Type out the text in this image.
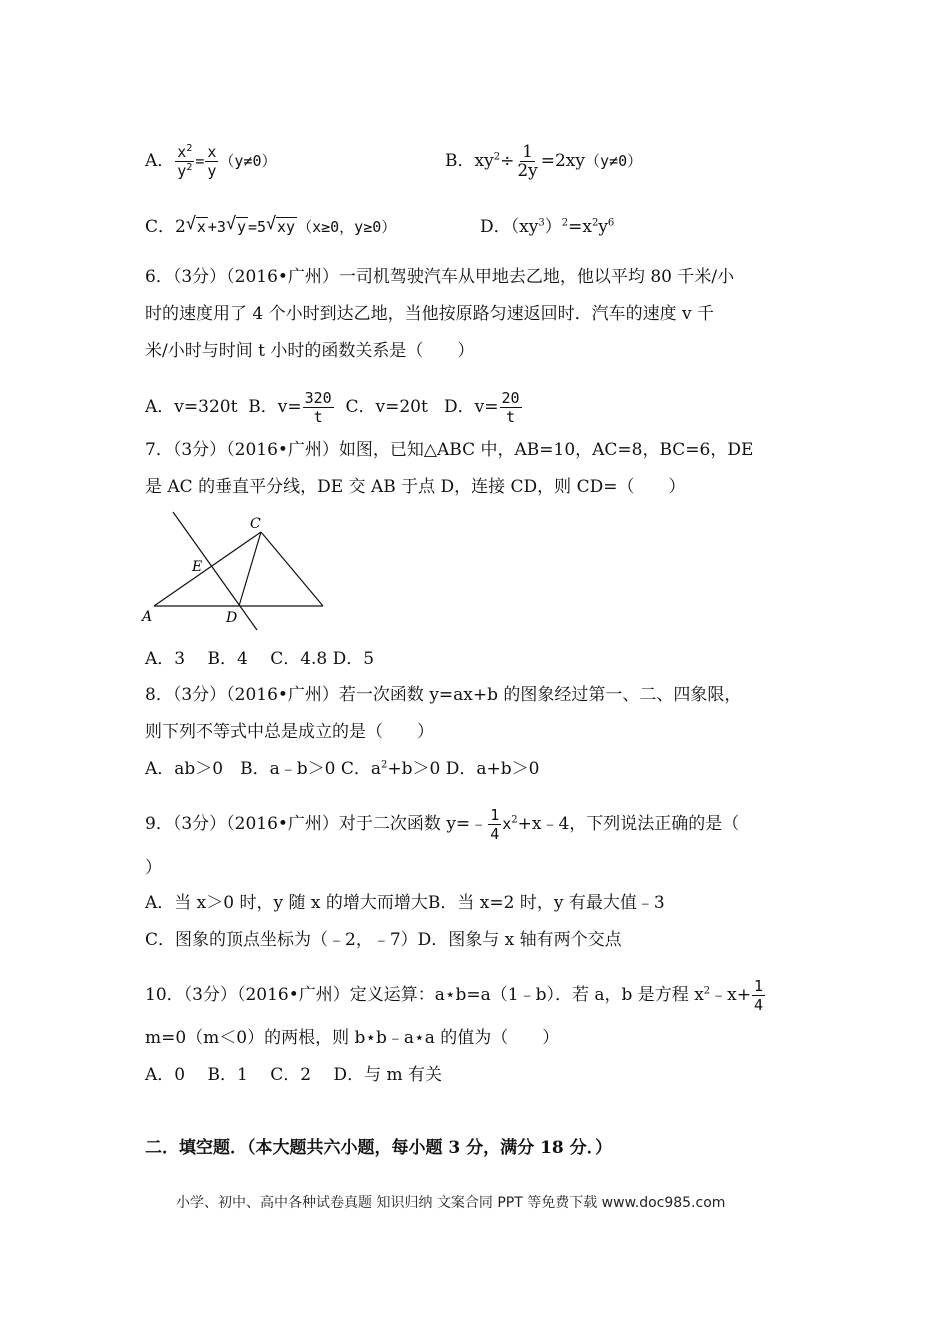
A． $\frac{x^2}{y^2} = \frac{x}{y} (y\ne 0)$	B．$xy^2\div \frac{1}{2y} =2xy(y\ne 0)$
C．2 √ x +3 √ y =5 √ xy （x≥0，y≥0）	D．$(xy^3)^2=x^2y^6$
6．（3分）（2016•广州）一司机驾驶汽车从甲地去乙地，他以平均 80 千米/小
时的速度用了 4 个小时到达乙地，当他按原路匀速返回时．汽车的速度 v 千
米/小时与时间 t 小时的函数关系是（　　）
A．v=320t B．$v= \frac{320}{t}$ C．v=20t D．$v= \frac{20}{t}$
7．（3分）（2016•广州）如图，已知△ABC 中，AB=10，AC=8，BC=6，DE
是 AC 的垂直平分线，DE 交 AB 于点 D，连接 CD，则 CD=（　　）
A
C
E
D
A．3　 B．4　 C．4.8 D．5
8．（3分）（2016•广州）若一次函数 y=ax+b 的图象经过第一、二、四象限，
则下列不等式中总是成立的是（　　）
A．ab＞0　B．a﹣b＞0 C．$a^2+b>0$ D．a+b＞0
9．（3分）（2016•广州）对于二次函数 y=﹣ $\frac{1}{4}$ $x^2+x﹣4$，下列说法正确的是（
）
A．当 x＞0 时，y 随 x 的增大而增大B．当 x=2 时，y 有最大值﹣3
C．图象的顶点坐标为（﹣2，﹣7）D．图象与 x 轴有两个交点
10．（3分）（2016•广州）定义运算：a⋆b=a（1﹣b）．若 a，b 是方程 $x^2﹣x+ \frac{1}{4}$
m=0（m＜0）的两根，则 b⋆b﹣a⋆a 的值为（　　）
A．0　 B．1　 C．2　 D．与 m 有关
二．填空题．（本大题共六小题，每小题 3 分，满分 18 分．）
小学、初中、高中各种试卷真题 知识归纳 文案合同 PPT 等免费下载 www.doc985.com
